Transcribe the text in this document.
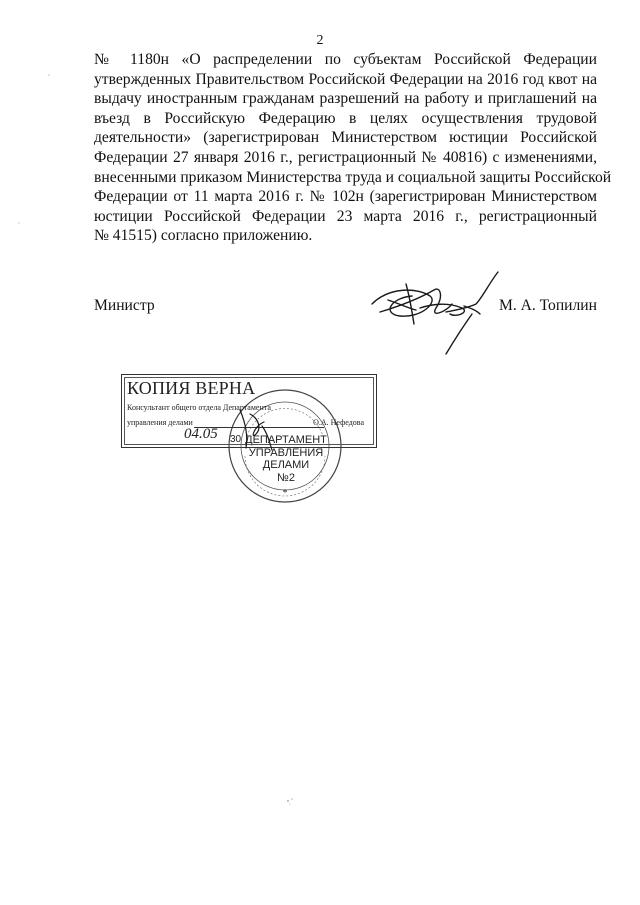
2
№ 1180н «О распределении по субъектам Российской Федерации
утвержденных Правительством Российской Федерации на 2016 год квот на
выдачу иностранным гражданам разрешений на работу и приглашений на
въезд в Российскую Федерацию в целях осуществления трудовой
деятельности» (зарегистрирован Министерством юстиции Российской
Федерации 27 января 2016 г., регистрационный № 40816) с изменениями,
внесенными приказом Министерства труда и социальной защиты Российской
Федерации от 11 марта 2016 г. № 102н (зарегистрирован Министерством
юстиции Российской Федерации 23 марта 2016 г., регистрационный
№ 41515) согласно приложению.
Министр	М. А. Топилин
*
ДЕПАРТАМЕНТ
УПРАВЛЕНИЯ
ДЕЛАМИ
№2
30
КОПИЯ ВЕРНА
Консультант общего отдела Департамента
управления делами	О.А. Нефедова
04.05
